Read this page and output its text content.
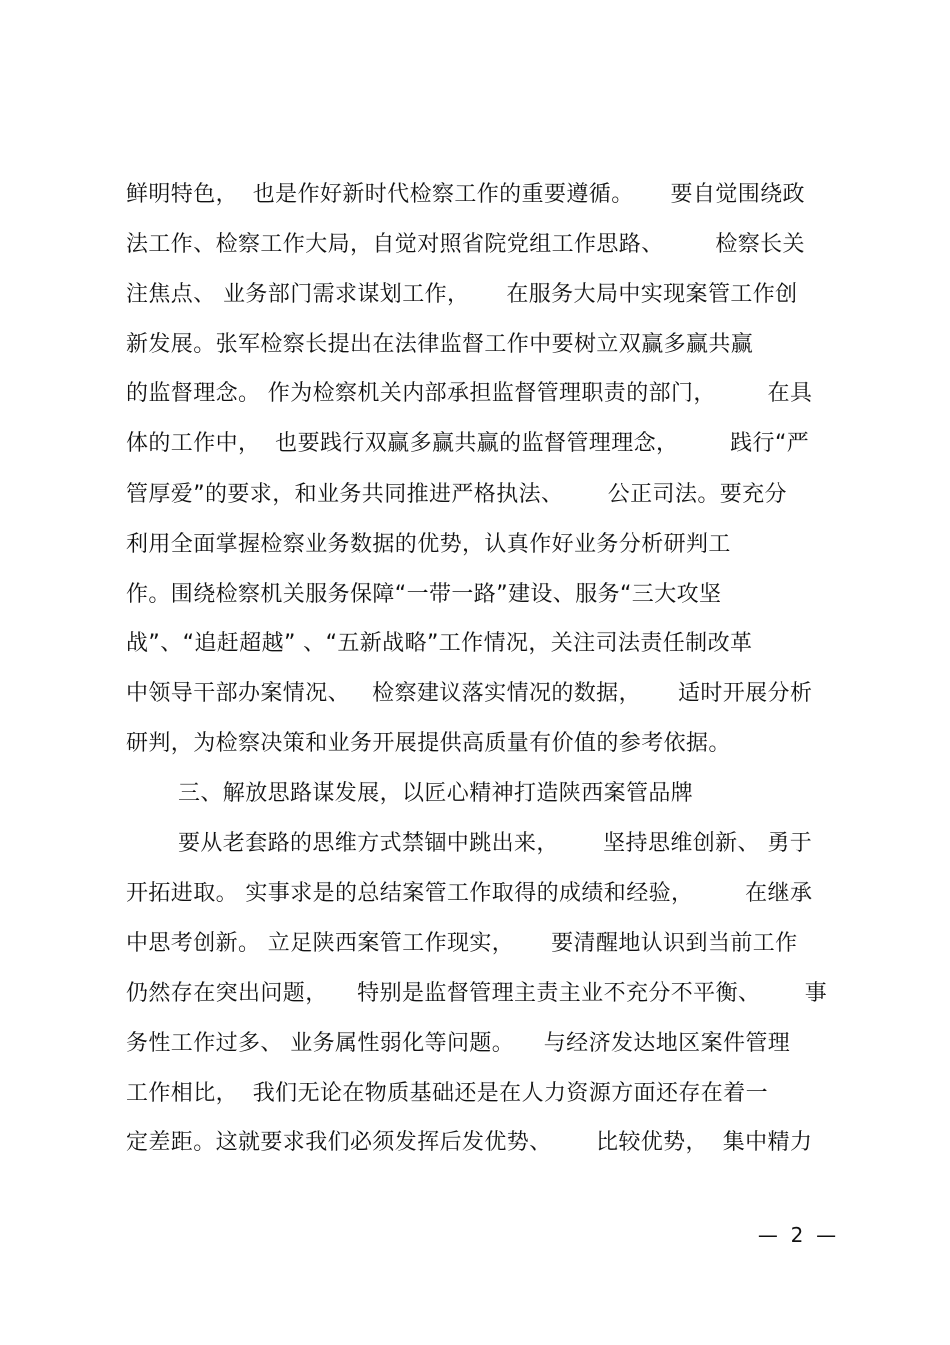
鲜明特色，  也是作好新时代检察工作的重要遵循。     要自觉围绕政
法工作、检察工作大局，自觉对照省院党组工作思路、       检察长关
注焦点、 业务部门需求谋划工作，     在服务大局中实现案管工作创
新发展。张军检察长提出在法律监督工作中要树立双赢多赢共赢
的监督理念。 作为检察机关内部承担监督管理职责的部门，       在具
体的工作中，  也要践行双赢多赢共赢的监督管理理念，       践行“严
管厚爱”的要求，和业务共同推进严格执法、      公正司法。要充分
利用全面掌握检察业务数据的优势，认真作好业务分析研判工
作。围绕检察机关服务保障“一带一路”建设、服务“三大攻坚
战”、“追赶超越” 、“五新战略”工作情况，关注司法责任制改革
中领导干部办案情况、   检察建议落实情况的数据，     适时开展分析
研判，为检察决策和业务开展提供高质量有价值的参考依据。
三、解放思路谋发展，以匠心精神打造陕西案管品牌
要从老套路的思维方式禁锢中跳出来，      坚持思维创新、 勇于
开拓进取。 实事求是的总结案管工作取得的成绩和经验，       在继承
中思考创新。 立足陕西案管工作现实，     要清醒地认识到当前工作
仍然存在突出问题，    特别是监督管理主责主业不充分不平衡、      事
务性工作过多、 业务属性弱化等问题。    与经济发达地区案件管理
工作相比，  我们无论在物质基础还是在人力资源方面还存在着一
定差距。这就要求我们必须发挥后发优势、      比较优势，  集中精力
—  2  —
